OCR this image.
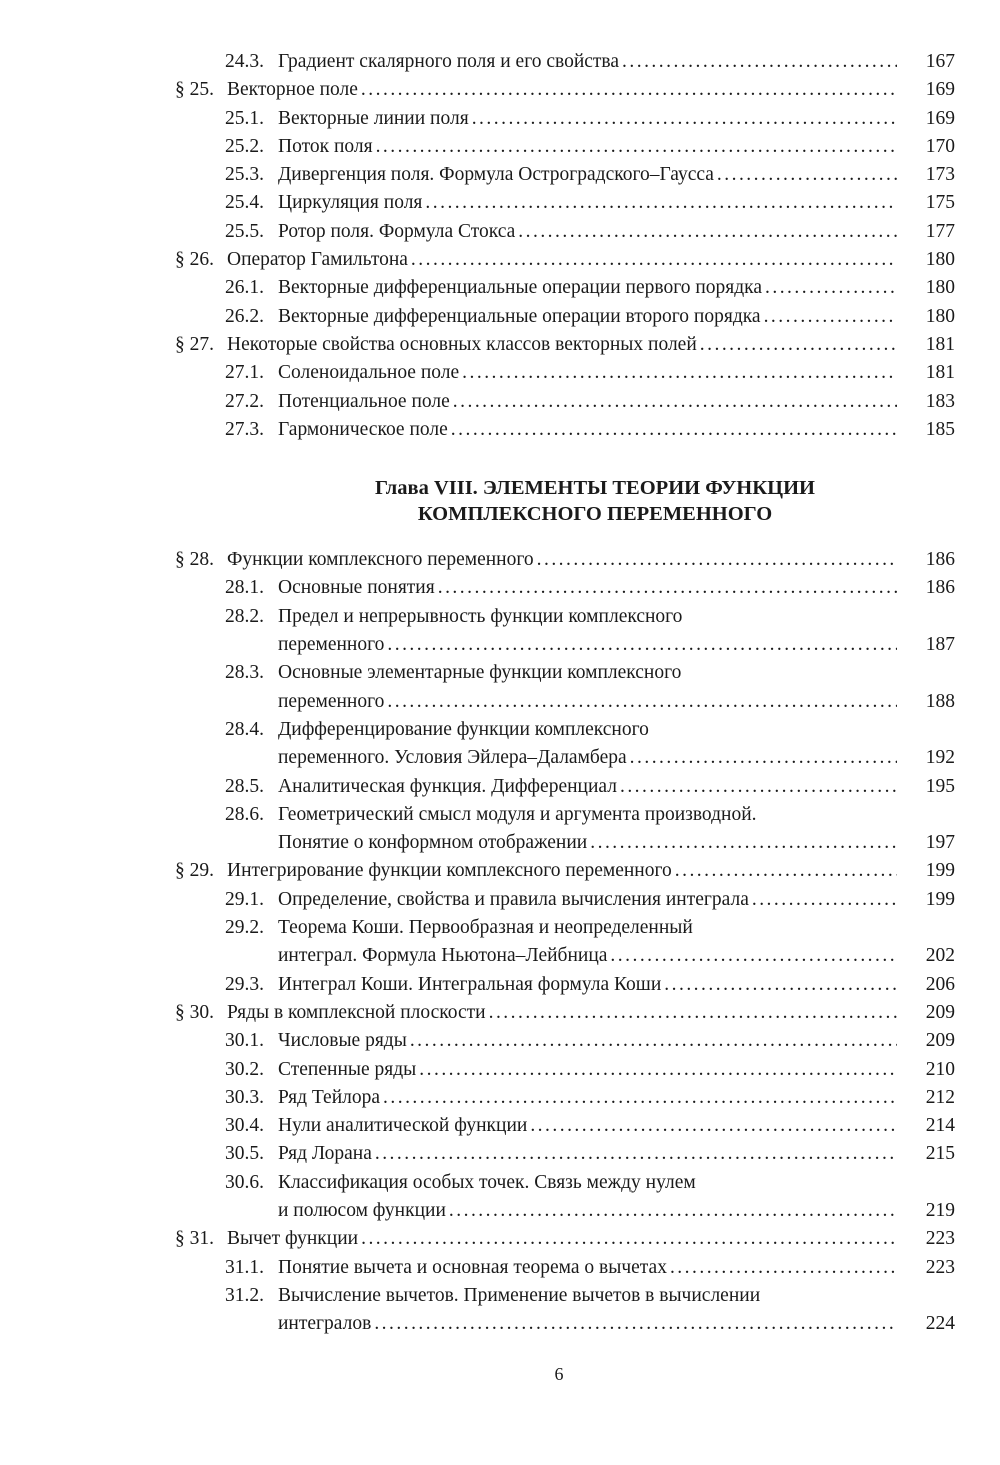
24.3. Градиент скалярного поля и его свойства . . .	167
§ 25. Векторное поле . . .	169
25.1. Векторные линии поля . . .	169
25.2. Поток поля . . .	170
25.3. Дивергенция поля. Формула Остроградского–Гаусса . . .	173
25.4. Циркуляция поля . . .	175
25.5. Ротор поля. Формула Стокса . . .	177
§ 26. Оператор Гамильтона . . .	180
26.1. Векторные дифференциальные операции первого порядка . . .	180
26.2. Векторные дифференциальные операции второго порядка . . .	180
§ 27. Некоторые свойства основных классов векторных полей . . .	181
27.1. Соленоидальное поле . . .	181
27.2. Потенциальное поле . . .	183
27.3. Гармоническое поле . . .	185
Глава VIII. ЭЛЕМЕНТЫ ТЕОРИИ ФУНКЦИИ
КОМПЛЕКСНОГО ПЕРЕМЕННОГО
§ 28. Функции комплексного переменного . . .	186
28.1. Основные понятия . . .	186
28.2. Предел и непрерывность функции комплексного
переменного . . .	187
28.3. Основные элементарные функции комплексного
переменного . . .	188
28.4. Дифференцирование функции комплексного
переменного. Условия Эйлера–Даламбера . . .	192
28.5. Аналитическая функция. Дифференциал . . .	195
28.6. Геометрический смысл модуля и аргумента производной.
Понятие о конформном отображении . . .	197
§ 29. Интегрирование функции комплексного переменного . . .	199
29.1. Определение, свойства и правила вычисления интеграла . . .	199
29.2. Теорема Коши. Первообразная и неопределенный
интеграл. Формула Ньютона–Лейбница . . .	202
29.3. Интеграл Коши. Интегральная формула Коши . . .	206
§ 30. Ряды в комплексной плоскости . . .	209
30.1. Числовые ряды . . .	209
30.2. Степенные ряды . . .	210
30.3. Ряд Тейлора . . .	212
30.4. Нули аналитической функции . . .	214
30.5. Ряд Лорана . . .	215
30.6. Классификация особых точек. Связь между нулем
и полюсом функции . . .	219
§ 31. Вычет функции . . .	223
31.1. Понятие вычета и основная теорема о вычетах . . .	223
31.2. Вычисление вычетов. Применение вычетов в вычислении
интегралов . . .	224
6
